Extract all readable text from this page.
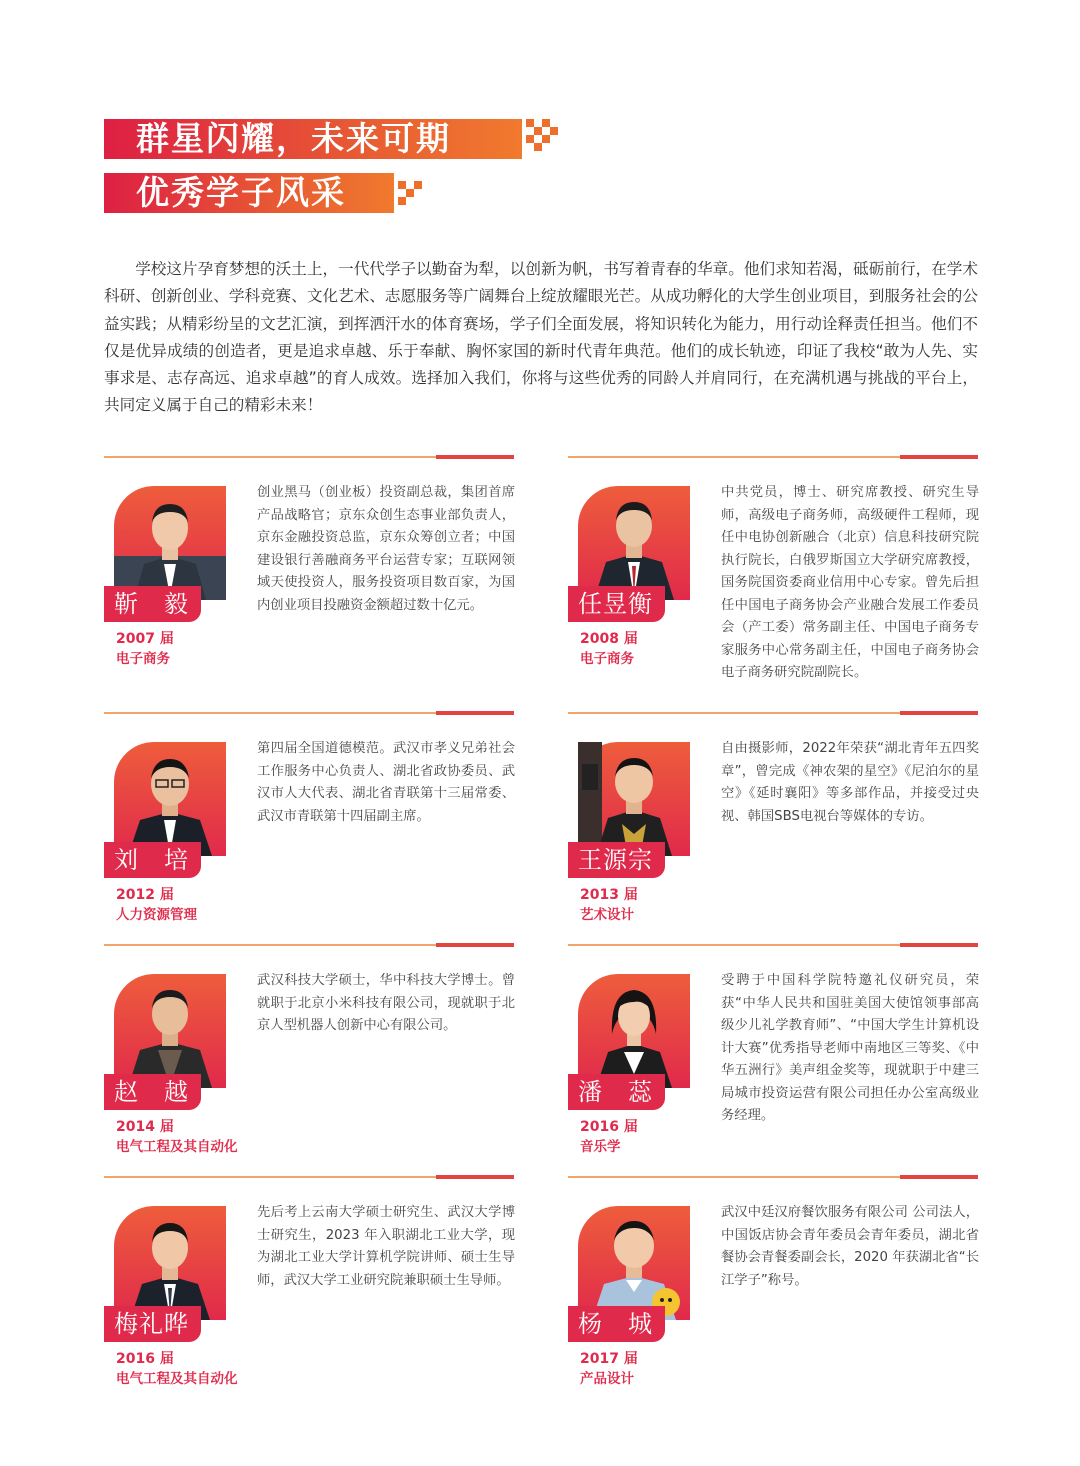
群星闪耀，未来可期
优秀学子风采
学校这片孕育梦想的沃土上，一代代学子以勤奋为犁，以创新为帆，书写着青春的华章。他们求知若渴，砥砺前行，在学术科研、创新创业、学科竞赛、文化艺术、志愿服务等广阔舞台上绽放耀眼光芒。从成功孵化的大学生创业项目，到服务社会的公益实践；从精彩纷呈的文艺汇演，到挥洒汗水的体育赛场，学子们全面发展，将知识转化为能力，用行动诠释责任担当。他们不仅是优异成绩的创造者，更是追求卓越、乐于奉献、胸怀家国的新时代青年典范。他们的成长轨迹，印证了我校“敢为人先、实事求是、志存高远、追求卓越”的育人成效。选择加入我们，你将与这些优秀的同龄人并肩同行，在充满机遇与挑战的平台上，共同定义属于自己的精彩未来！
靳　毅
2007 届
电子商务
创业黑马（创业板）投资副总裁，集团首席产品战略官；京东众创生态事业部负责人，京东金融投资总监，京东众筹创立者；中国建设银行善融商务平台运营专家；互联网领域天使投资人，服务投资项目数百家，为国内创业项目投融资金额超过数十亿元。	任昱衡
2008 届
电子商务
中共党员，博士、研究席教授、研究生导师，高级电子商务师，高级硬件工程师，现任中电协创新融合（北京）信息科技研究院执行院长，白俄罗斯国立大学研究席教授，国务院国资委商业信用中心专家。曾先后担任中国电子商务协会产业融合发展工作委员会（产工委）常务副主任、中国电子商务专家服务中心常务副主任，中国电子商务协会电子商务研究院副院长。
刘　培
2012 届
人力资源管理
第四届全国道德模范。武汉市孝义兄弟社会工作服务中心负责人、湖北省政协委员、武汉市人大代表、湖北省青联第十三届常委、武汉市青联第十四届副主席。
王源宗
2013 届
艺术设计
自由摄影师，2022年荣获“湖北青年五四奖章”，曾完成《神农架的星空》《尼泊尔的星空》《延时襄阳》等多部作品，并接受过央视、韩国SBS电视台等媒体的专访。
赵　越
2014 届
电气工程及其自动化
武汉科技大学硕士，华中科技大学博士。曾就职于北京小米科技有限公司，现就职于北京人型机器人创新中心有限公司。
潘　蕊
2016 届
音乐学
受聘于中国科学院特邀礼仪研究员，荣获“中华人民共和国驻美国大使馆领事部高级少儿礼学教育师”、“中国大学生计算机设计大赛”优秀指导老师中南地区三等奖、《中华五洲行》美声组金奖等，现就职于中建三局城市投资运营有限公司担任办公室高级业务经理。
梅礼晔
2016 届
电气工程及其自动化
先后考上云南大学硕士研究生、武汉大学博士研究生，2023 年入职湖北工业大学，现为湖北工业大学计算机学院讲师、硕士生导师，武汉大学工业研究院兼职硕士生导师。
杨　城
2017 届
产品设计
武汉中廷汉府餐饮服务有限公司 公司法人，中国饭店协会青年委员会青年委员，湖北省餐协会青餐委副会长，2020 年获湖北省“长江学子”称号。
